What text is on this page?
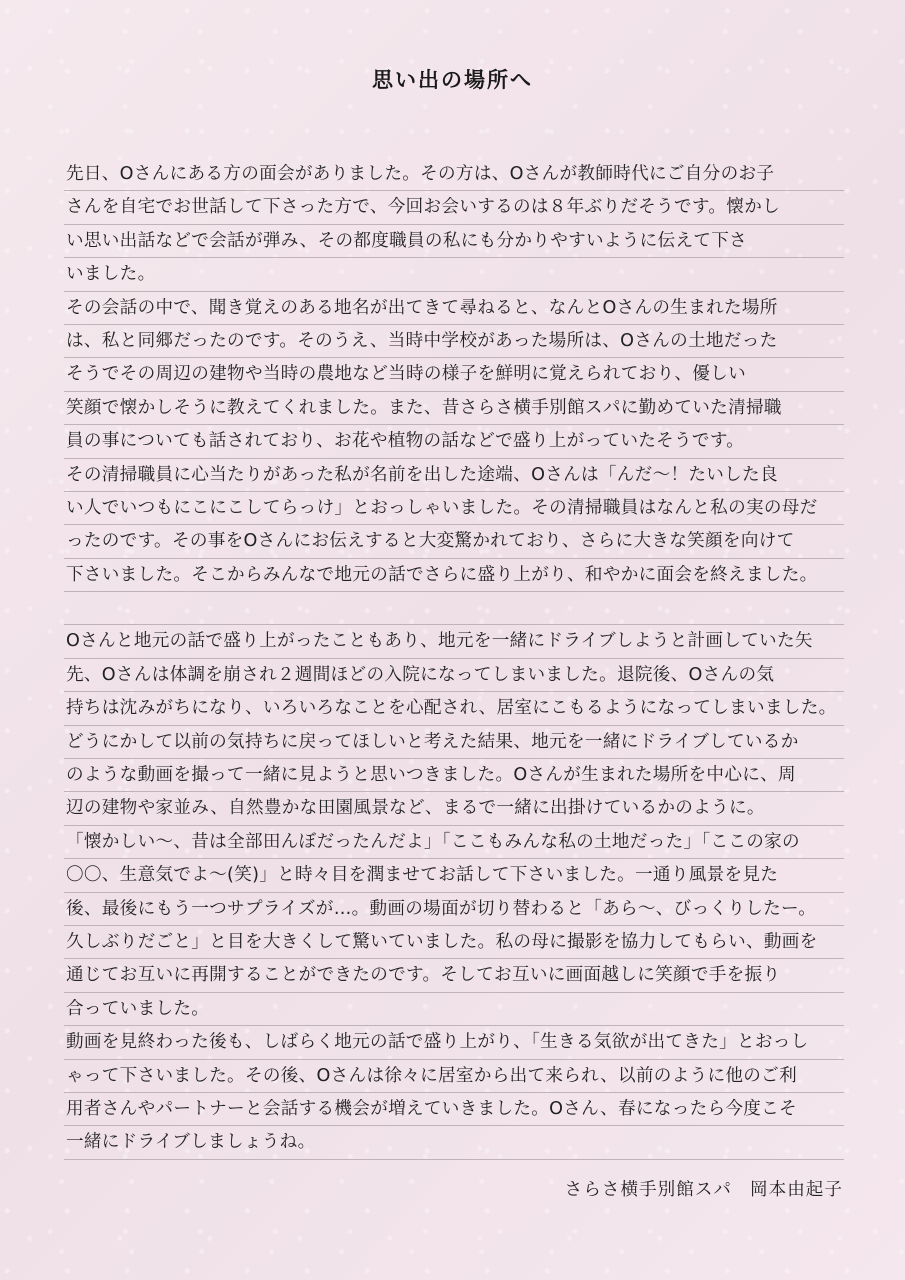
思い出の場所へ
先日、Oさんにある方の面会がありました。その方は、Oさんが教師時代にご自分のお子
さんを自宅でお世話して下さった方で、今回お会いするのは８年ぶりだそうです。懐かし
い思い出話などで会話が弾み、その都度職員の私にも分かりやすいように伝えて下さ
いました。
その会話の中で、聞き覚えのある地名が出てきて尋ねると、なんとOさんの生まれた場所
は、私と同郷だったのです。そのうえ、当時中学校があった場所は、Oさんの土地だった
そうでその周辺の建物や当時の農地など当時の様子を鮮明に覚えられており、優しい
笑顔で懐かしそうに教えてくれました。また、昔さらさ横手別館スパに勤めていた清掃職
員の事についても話されており、お花や植物の話などで盛り上がっていたそうです。
その清掃職員に心当たりがあった私が名前を出した途端、Oさんは「んだ～！たいした良
い人でいつもにこにこしてらっけ」とおっしゃいました。その清掃職員はなんと私の実の母だ
ったのです。その事をOさんにお伝えすると大変驚かれており、さらに大きな笑顔を向けて
下さいました。そこからみんなで地元の話でさらに盛り上がり、和やかに面会を終えました。
Oさんと地元の話で盛り上がったこともあり、地元を一緒にドライブしようと計画していた矢
先、Oさんは体調を崩され２週間ほどの入院になってしまいました。退院後、Oさんの気
持ちは沈みがちになり、いろいろなことを心配され、居室にこもるようになってしまいました。
どうにかして以前の気持ちに戻ってほしいと考えた結果、地元を一緒にドライブしているか
のような動画を撮って一緒に見ようと思いつきました。Oさんが生まれた場所を中心に、周
辺の建物や家並み、自然豊かな田園風景など、まるで一緒に出掛けているかのように。
「懐かしい～、昔は全部田んぼだったんだよ」「ここもみんな私の土地だった」「ここの家の
〇〇、生意気でよ～(笑)」と時々目を潤ませてお話して下さいました。一通り風景を見た
後、最後にもう一つサプライズが…。動画の場面が切り替わると「あら～、びっくりしたー。
久しぶりだごと」と目を大きくして驚いていました。私の母に撮影を協力してもらい、動画を
通じてお互いに再開することができたのです。そしてお互いに画面越しに笑顔で手を振り
合っていました。
動画を見終わった後も、しばらく地元の話で盛り上がり、「生きる気欲が出てきた」とおっし
ゃって下さいました。その後、Oさんは徐々に居室から出て来られ、以前のように他のご利
用者さんやパートナーと会話する機会が増えていきました。Oさん、春になったら今度こそ
一緒にドライブしましょうね。
さらさ横手別館スパ 岡本由起子
